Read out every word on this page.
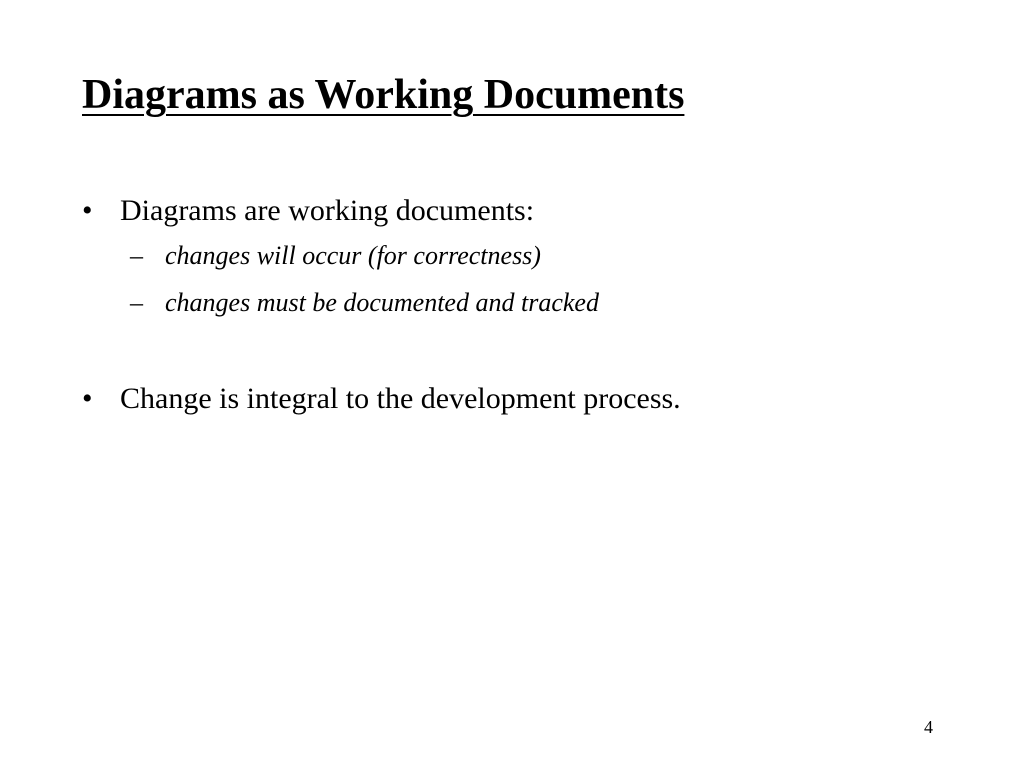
Diagrams as Working Documents
• Diagrams are working documents:
– changes will occur (for correctness)
– changes must be documented and tracked
• Change is integral to the development process.
4
